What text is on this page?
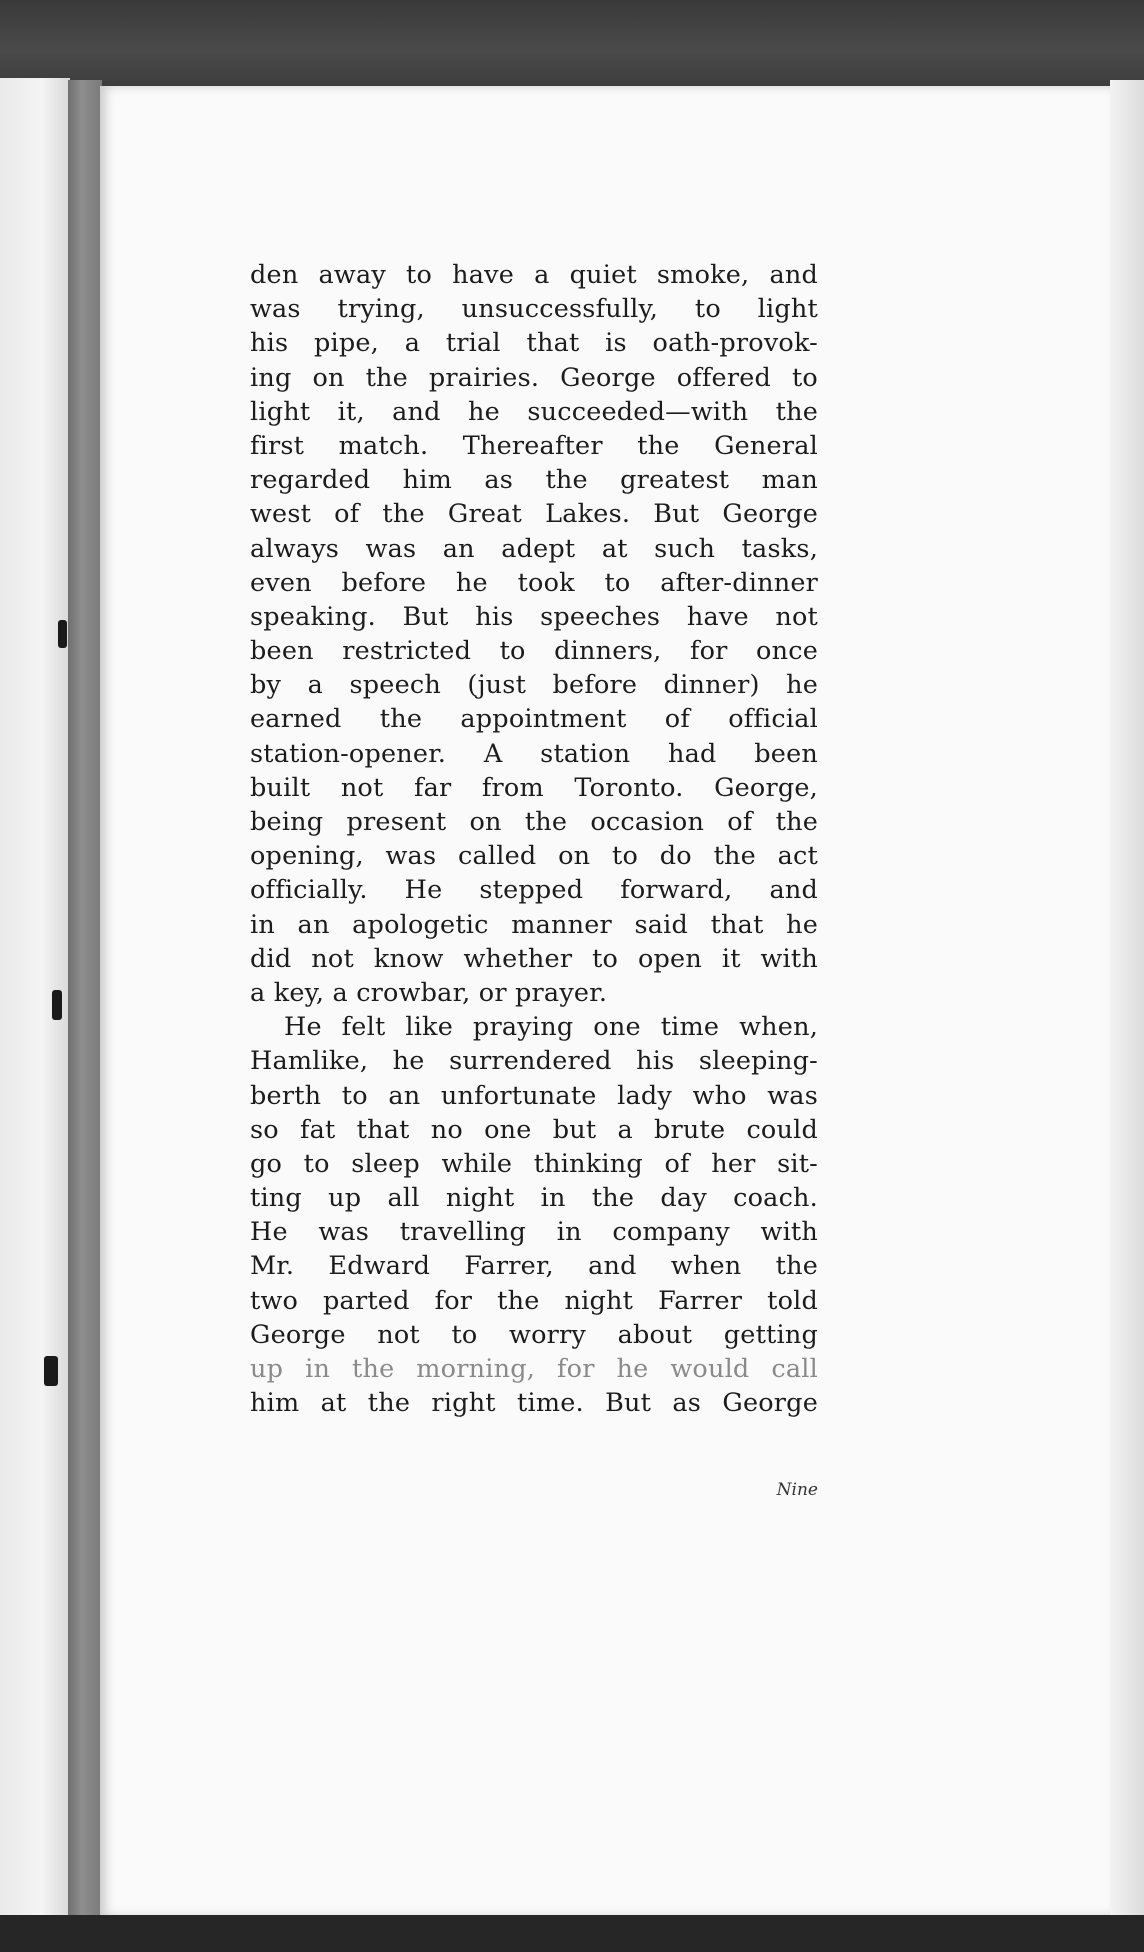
den away to have a quiet smoke, and
was trying, unsuccessfully, to light
his pipe, a trial that is oath-provok-
ing on the prairies. George offered to
light it, and he succeeded—with the
first match. Thereafter the General
regarded him as the greatest man
west of the Great Lakes. But George
always was an adept at such tasks,
even before he took to after-dinner
speaking. But his speeches have not
been restricted to dinners, for once
by a speech (just before dinner) he
earned the appointment of official
station-opener. A station had been
built not far from Toronto. George,
being present on the occasion of the
opening, was called on to do the act
officially. He stepped forward, and
in an apologetic manner said that he
did not know whether to open it with
a key, a crowbar, or prayer.
He felt like praying one time when,
Hamlike, he surrendered his sleeping-
berth to an unfortunate lady who was
so fat that no one but a brute could
go to sleep while thinking of her sit-
ting up all night in the day coach.
He was travelling in company with
Mr. Edward Farrer, and when the
two parted for the night Farrer told
George not to worry about getting
up in the morning, for he would call
him at the right time. But as George
Nine
